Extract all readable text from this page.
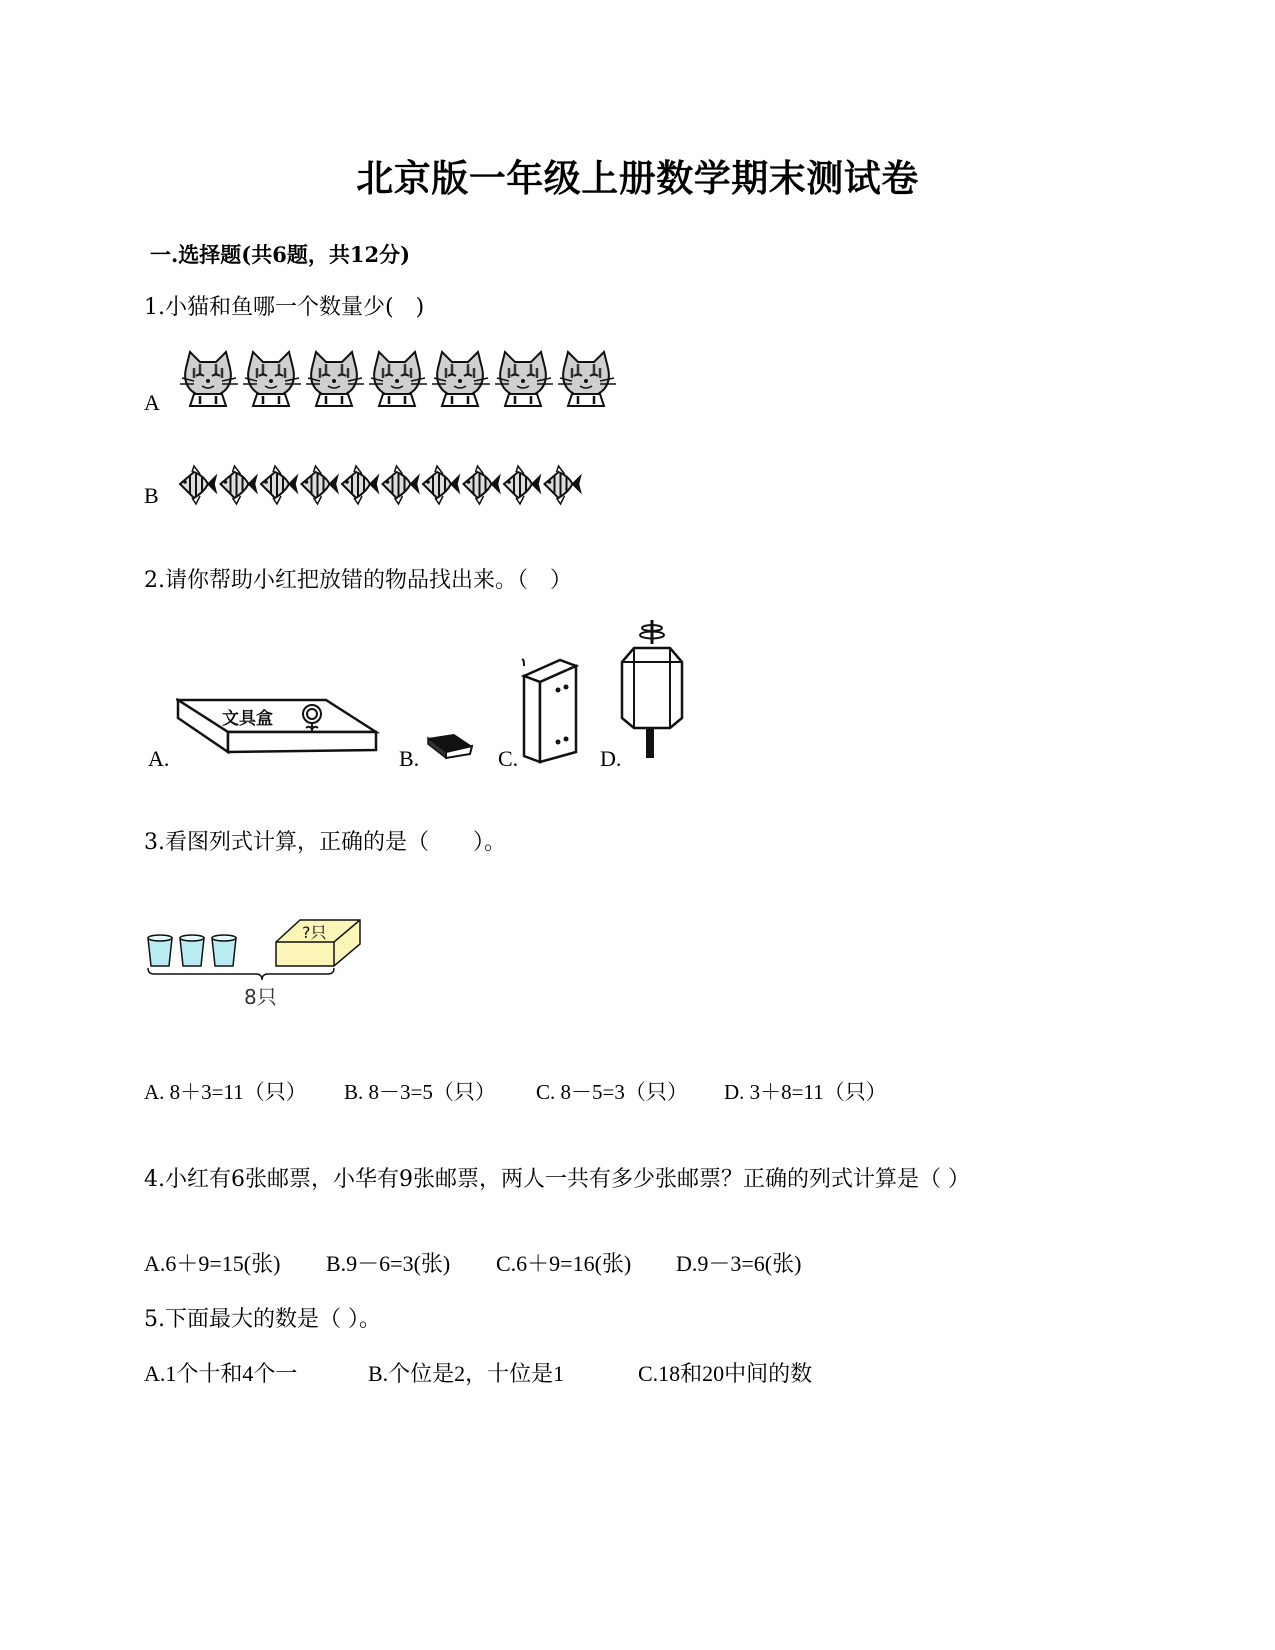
北京版一年级上册数学期末测试卷
一.选择题(共6题，共12分)
1.小猫和鱼哪一个数量少(　)
A
B
2.请你帮助小红把放错的物品找出来。（　）
A.
文具盒
B.	C.	D.
3.看图列式计算，正确的是（　　）。
?只
8只
A. 8＋3=11（只） B. 8－3=5（只） C. 8－5=3（只） D. 3＋8=11（只）
4.小红有6张邮票，小华有9张邮票，两人一共有多少张邮票？正确的列式计算是（ ）
A.6＋9=15(张) B.9－6=3(张) C.6＋9=16(张) D.9－3=6(张)
5.下面最大的数是（ ）。
A.1个十和4个一	B.个位是2，十位是1	C.18和20中间的数
